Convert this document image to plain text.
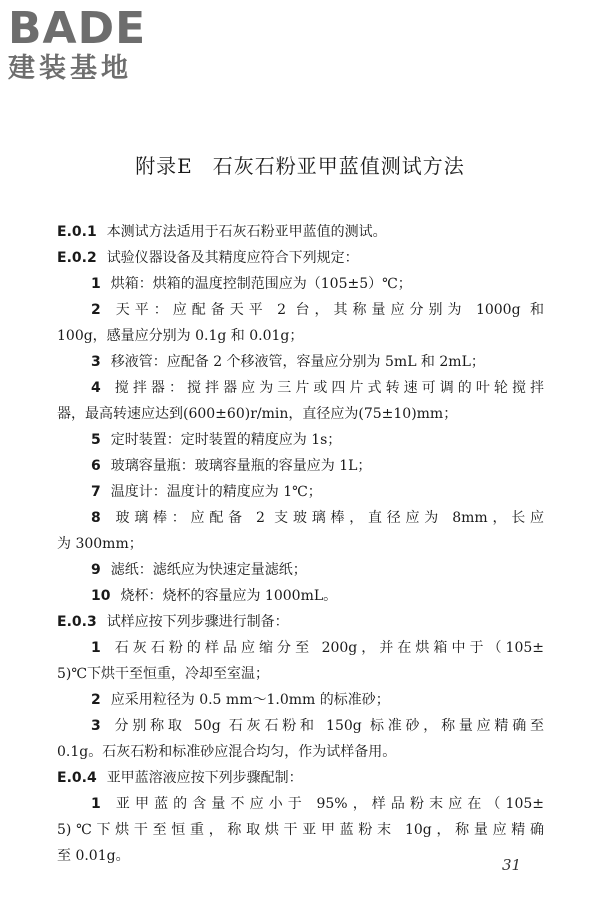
BADE
建装基地
附录E 石灰石粉亚甲蓝值测试方法
E.0.1 本测试方法适用于石灰石粉亚甲蓝值的测试。
E.0.2 试验仪器设备及其精度应符合下列规定：
1 烘箱：烘箱的温度控制范围应为（105±5）℃；
2 天平：应配备天平 2 台，其称量应分别为 1000g 和
100g，感量应分别为 0.1g 和 0.01g；
3 移液管：应配备 2 个移液管，容量应分别为 5mL 和 2mL；
4 搅拌器：搅拌器应为三片或四片式转速可调的叶轮搅拌
器，最高转速应达到(600±60)r/min，直径应为(75±10)mm；
5 定时装置：定时装置的精度应为 1s；
6 玻璃容量瓶：玻璃容量瓶的容量应为 1L；
7 温度计：温度计的精度应为 1℃；
8 玻璃棒：应配备 2 支玻璃棒，直径应为 8mm，长应
为 300mm；
9 滤纸：滤纸应为快速定量滤纸；
10 烧杯：烧杯的容量应为 1000mL。
E.0.3 试样应按下列步骤进行制备：
1 石灰石粉的样品应缩分至 200g，并在烘箱中于（105±
5)℃下烘干至恒重，冷却至室温；
2 应采用粒径为 0.5 mm～1.0mm 的标准砂；
3 分别称取 50g 石灰石粉和 150g 标准砂，称量应精确至
0.1g。石灰石粉和标准砂应混合均匀，作为试样备用。
E.0.4 亚甲蓝溶液应按下列步骤配制：
1 亚甲蓝的含量不应小于 95%，样品粉末应在（105±
5)℃下烘干至恒重，称取烘干亚甲蓝粉末 10g，称量应精确
至 0.01g。	31
